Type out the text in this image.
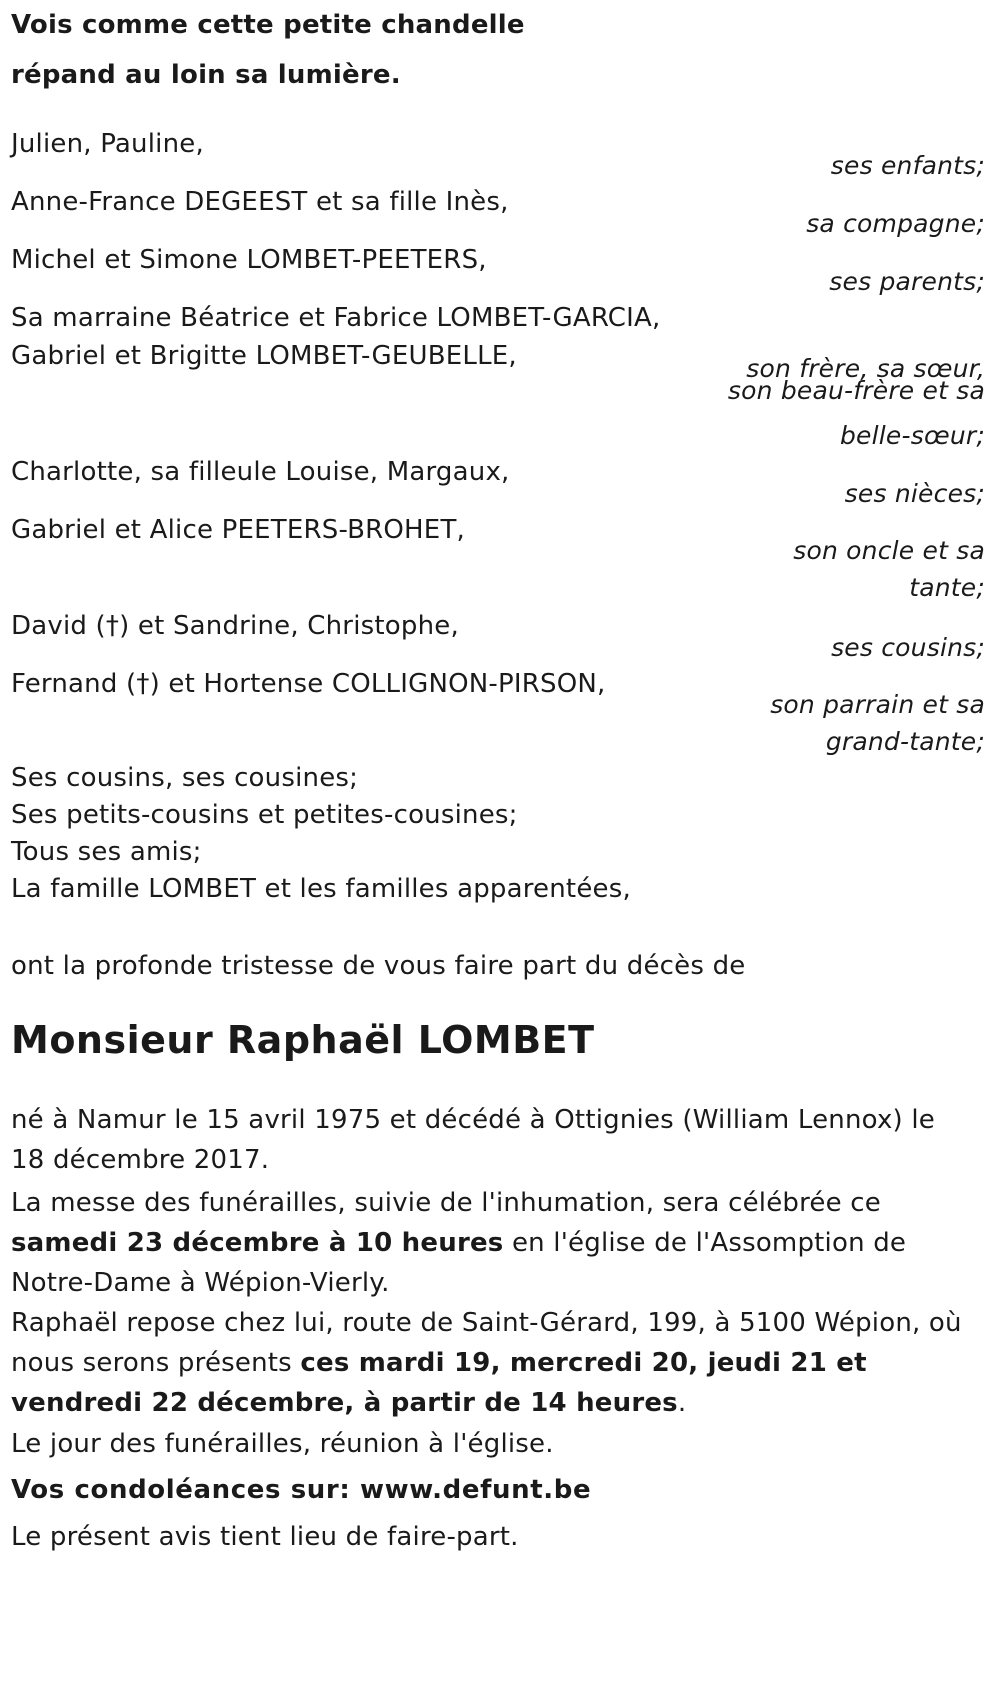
Vois comme cette petite chandelle
répand au loin sa lumière.
Julien, Pauline,
ses enfants;
Anne-France DEGEEST et sa fille Inès,
sa compagne;
Michel et Simone LOMBET-PEETERS,
ses parents;
Sa marraine Béatrice et Fabrice LOMBET-GARCIA,
Gabriel et Brigitte LOMBET-GEUBELLE,	son frère, sa sœur,
son beau-frère et sa
belle-sœur;
Charlotte, sa filleule Louise, Margaux,
ses nièces;
Gabriel et Alice PEETERS-BROHET,
son oncle et sa
tante;
David (†) et Sandrine, Christophe,
ses cousins;
Fernand (†) et Hortense COLLIGNON-PIRSON,
son parrain et sa
grand-tante;
Ses cousins, ses cousines;
Ses petits-cousins et petites-cousines;
Tous ses amis;
La famille LOMBET et les familles apparentées,
ont la profonde tristesse de vous faire part du décès de
Monsieur Raphaël LOMBET
né à Namur le 15 avril 1975 et décédé à Ottignies (William Lennox) le 18 décembre 2017.
La messe des funérailles, suivie de l'inhumation, sera célébrée ce samedi 23 décembre à 10 heures en l'église de l'Assomption de Notre-Dame à Wépion-Vierly.
Raphaël repose chez lui, route de Saint-Gérard, 199, à 5100 Wépion, où nous serons présents ces mardi 19, mercredi 20, jeudi 21 et vendredi 22 décembre, à partir de 14 heures.
Le jour des funérailles, réunion à l'église.
Vos condoléances sur: www.defunt.be
Le présent avis tient lieu de faire-part.
